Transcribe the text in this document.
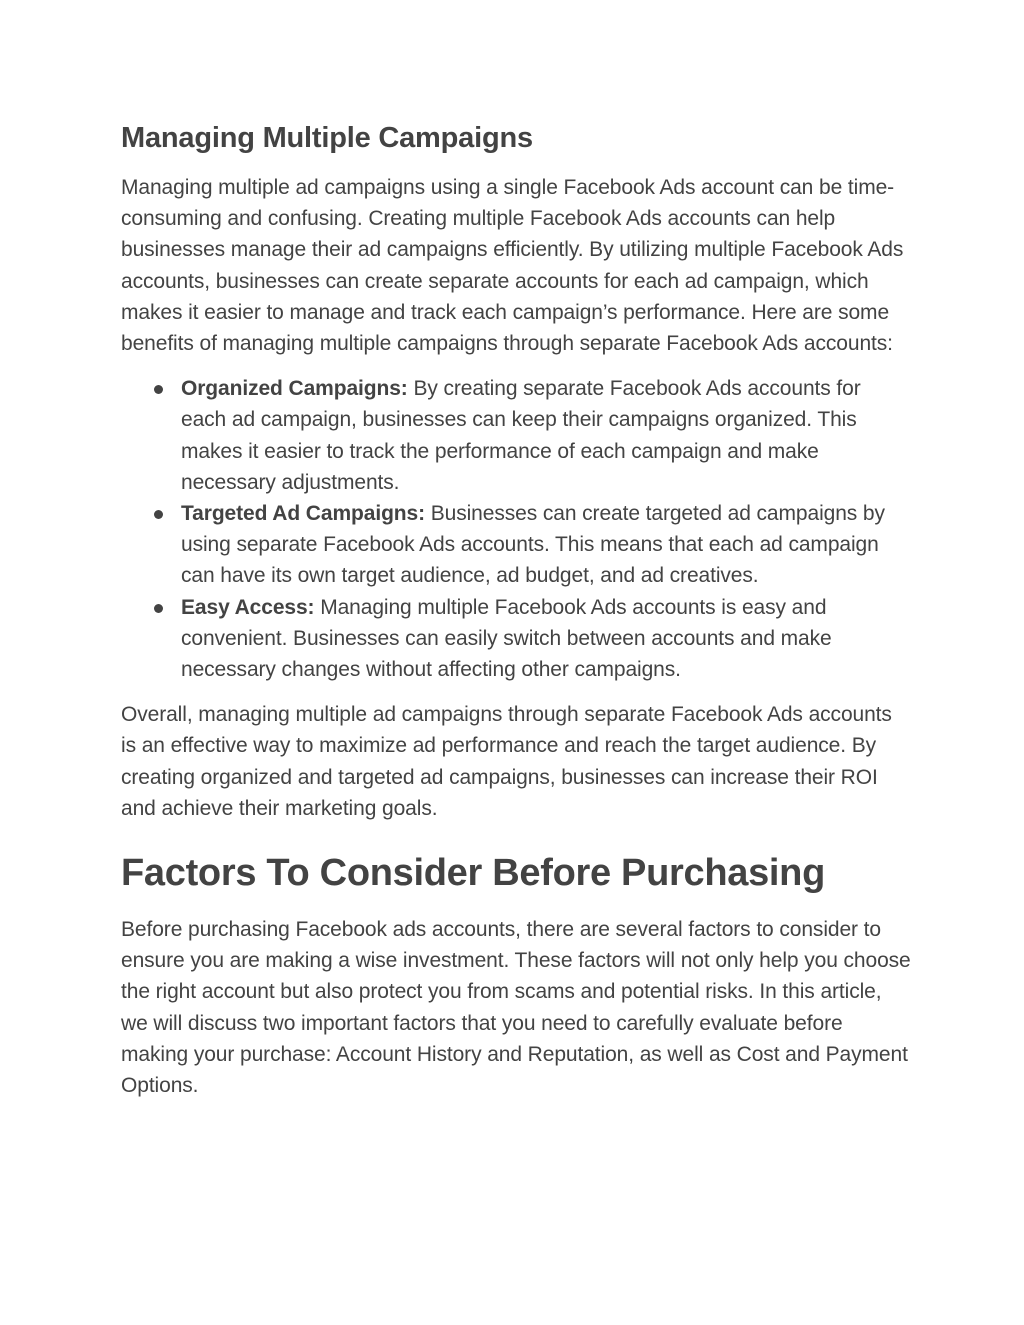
Managing Multiple Campaigns

Managing multiple ad campaigns using a single Facebook Ads account can be time-consuming and confusing. Creating multiple Facebook Ads accounts can help businesses manage their ad campaigns efficiently. By utilizing multiple Facebook Ads accounts, businesses can create separate accounts for each ad campaign, which makes it easier to manage and track each campaign’s performance. Here are some benefits of managing multiple campaigns through separate Facebook Ads accounts:

Organized Campaigns: By creating separate Facebook Ads accounts for each ad campaign, businesses can keep their campaigns organized. This makes it easier to track the performance of each campaign and make necessary adjustments.
Targeted Ad Campaigns: Businesses can create targeted ad campaigns by using separate Facebook Ads accounts. This means that each ad campaign can have its own target audience, ad budget, and ad creatives.
Easy Access: Managing multiple Facebook Ads accounts is easy and convenient. Businesses can easily switch between accounts and make necessary changes without affecting other campaigns.

Overall, managing multiple ad campaigns through separate Facebook Ads accounts is an effective way to maximize ad performance and reach the target audience. By creating organized and targeted ad campaigns, businesses can increase their ROI and achieve their marketing goals.

Factors To Consider Before Purchasing

Before purchasing Facebook ads accounts, there are several factors to consider to ensure you are making a wise investment. These factors will not only help you choose the right account but also protect you from scams and potential risks. In this article, we will discuss two important factors that you need to carefully evaluate before making your purchase: Account History and Reputation, as well as Cost and Payment Options.
